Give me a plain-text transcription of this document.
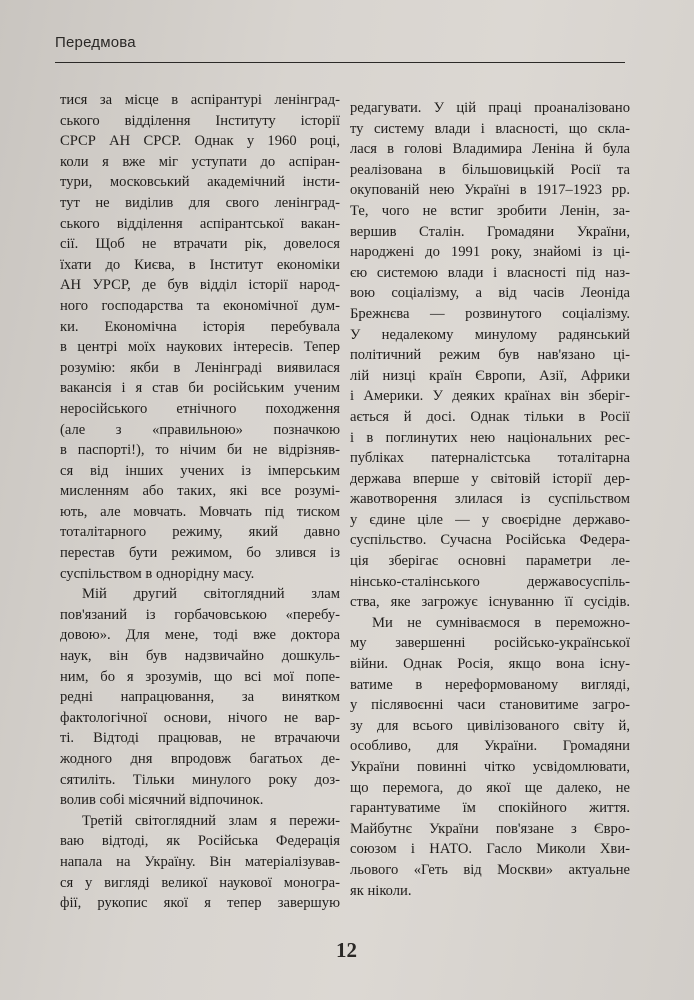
Передмова
тися за місце в аспірантурі ленінград-
ського відділення Інституту історії
СРСР АН СРСР. Однак у 1960 році,
коли я вже міг уступати до аспіран-
тури, московський академічний інсти-
тут не виділив для свого ленінград-
ського відділення аспірантської вакан-
сії. Щоб не втрачати рік, довелося
їхати до Києва, в Інститут економіки
АН УРСР, де був відділ історії народ-
ного господарства та економічної дум-
ки. Економічна історія перебувала
в центрі моїх наукових інтересів. Тепер
розумію: якби в Ленінграді виявилася
вакансія і я став би російським ученим
неросійського етнічного походження
(але з «правильною» позначкою
в паспорті!), то нічим би не відрізняв-
ся від інших учених із імперським
мисленням або таких, які все розумі-
ють, але мовчать. Мовчать під тиском
тоталітарного режиму, який давно
перестав бути режимом, бо злився із
суспільством в однорідну масу.
Мій другий світоглядний злам
пов'язаний із горбачовською «перебу-
довою». Для мене, тоді вже доктора
наук, він був надзвичайно дошкуль-
ним, бо я зрозумів, що всі мої попе-
редні напрацювання, за винятком
фактологічної основи, нічого не вар-
ті. Відтоді працював, не втрачаючи
жодного дня впродовж багатьох де-
сятиліть. Тільки минулого року доз-
волив собі місячний відпочинок.
Третій світоглядний злам я пережи-
ваю відтоді, як Російська Федерація
напала на Україну. Він матеріалізував-
ся у вигляді великої наукової моногра-
фії, рукопис якої я тепер завершую
редагувати. У цій праці проаналізовано
ту систему влади і власності, що скла-
лася в голові Владимира Леніна й була
реалізована в більшовицькій Росії та
окупованій нею Україні в 1917–1923 рр.
Те, чого не встиг зробити Ленін, за-
вершив Сталін. Громадяни України,
народжені до 1991 року, знайомі із ці-
єю системою влади і власності під наз-
вою соціалізму, а від часів Леоніда
Брежнєва — розвинутого соціалізму.
У недалекому минулому радянський
політичний режим був нав'язано ці-
лій низці країн Європи, Азії, Африки
і Америки. У деяких країнах він зберіг-
ається й досі. Однак тільки в Росії
і в поглинутих нею національних рес-
публіках патерналістська тоталітарна
держава вперше у світовій історії дер-
жавотворення злилася із суспільством
у єдине ціле — у своєрідне державо-
суспільство. Сучасна Російська Федера-
ція зберігає основні параметри ле-
нінсько-сталінського державосуспіль-
ства, яке загрожує існуванню її сусідів.
Ми не сумніваємося в переможно-
му завершенні російсько-української
війни. Однак Росія, якщо вона існу-
ватиме в нереформованому вигляді,
у післявоєнні часи становитиме загро-
зу для всього цивілізованого світу й,
особливо, для України. Громадяни
України повинні чітко усвідомлювати,
що перемога, до якої ще далеко, не
гарантуватиме їм спокійного життя.
Майбутнє України пов'язане з Євро-
союзом і НАТО. Гасло Миколи Хви-
льового «Геть від Москви» актуальне
як ніколи.
12
